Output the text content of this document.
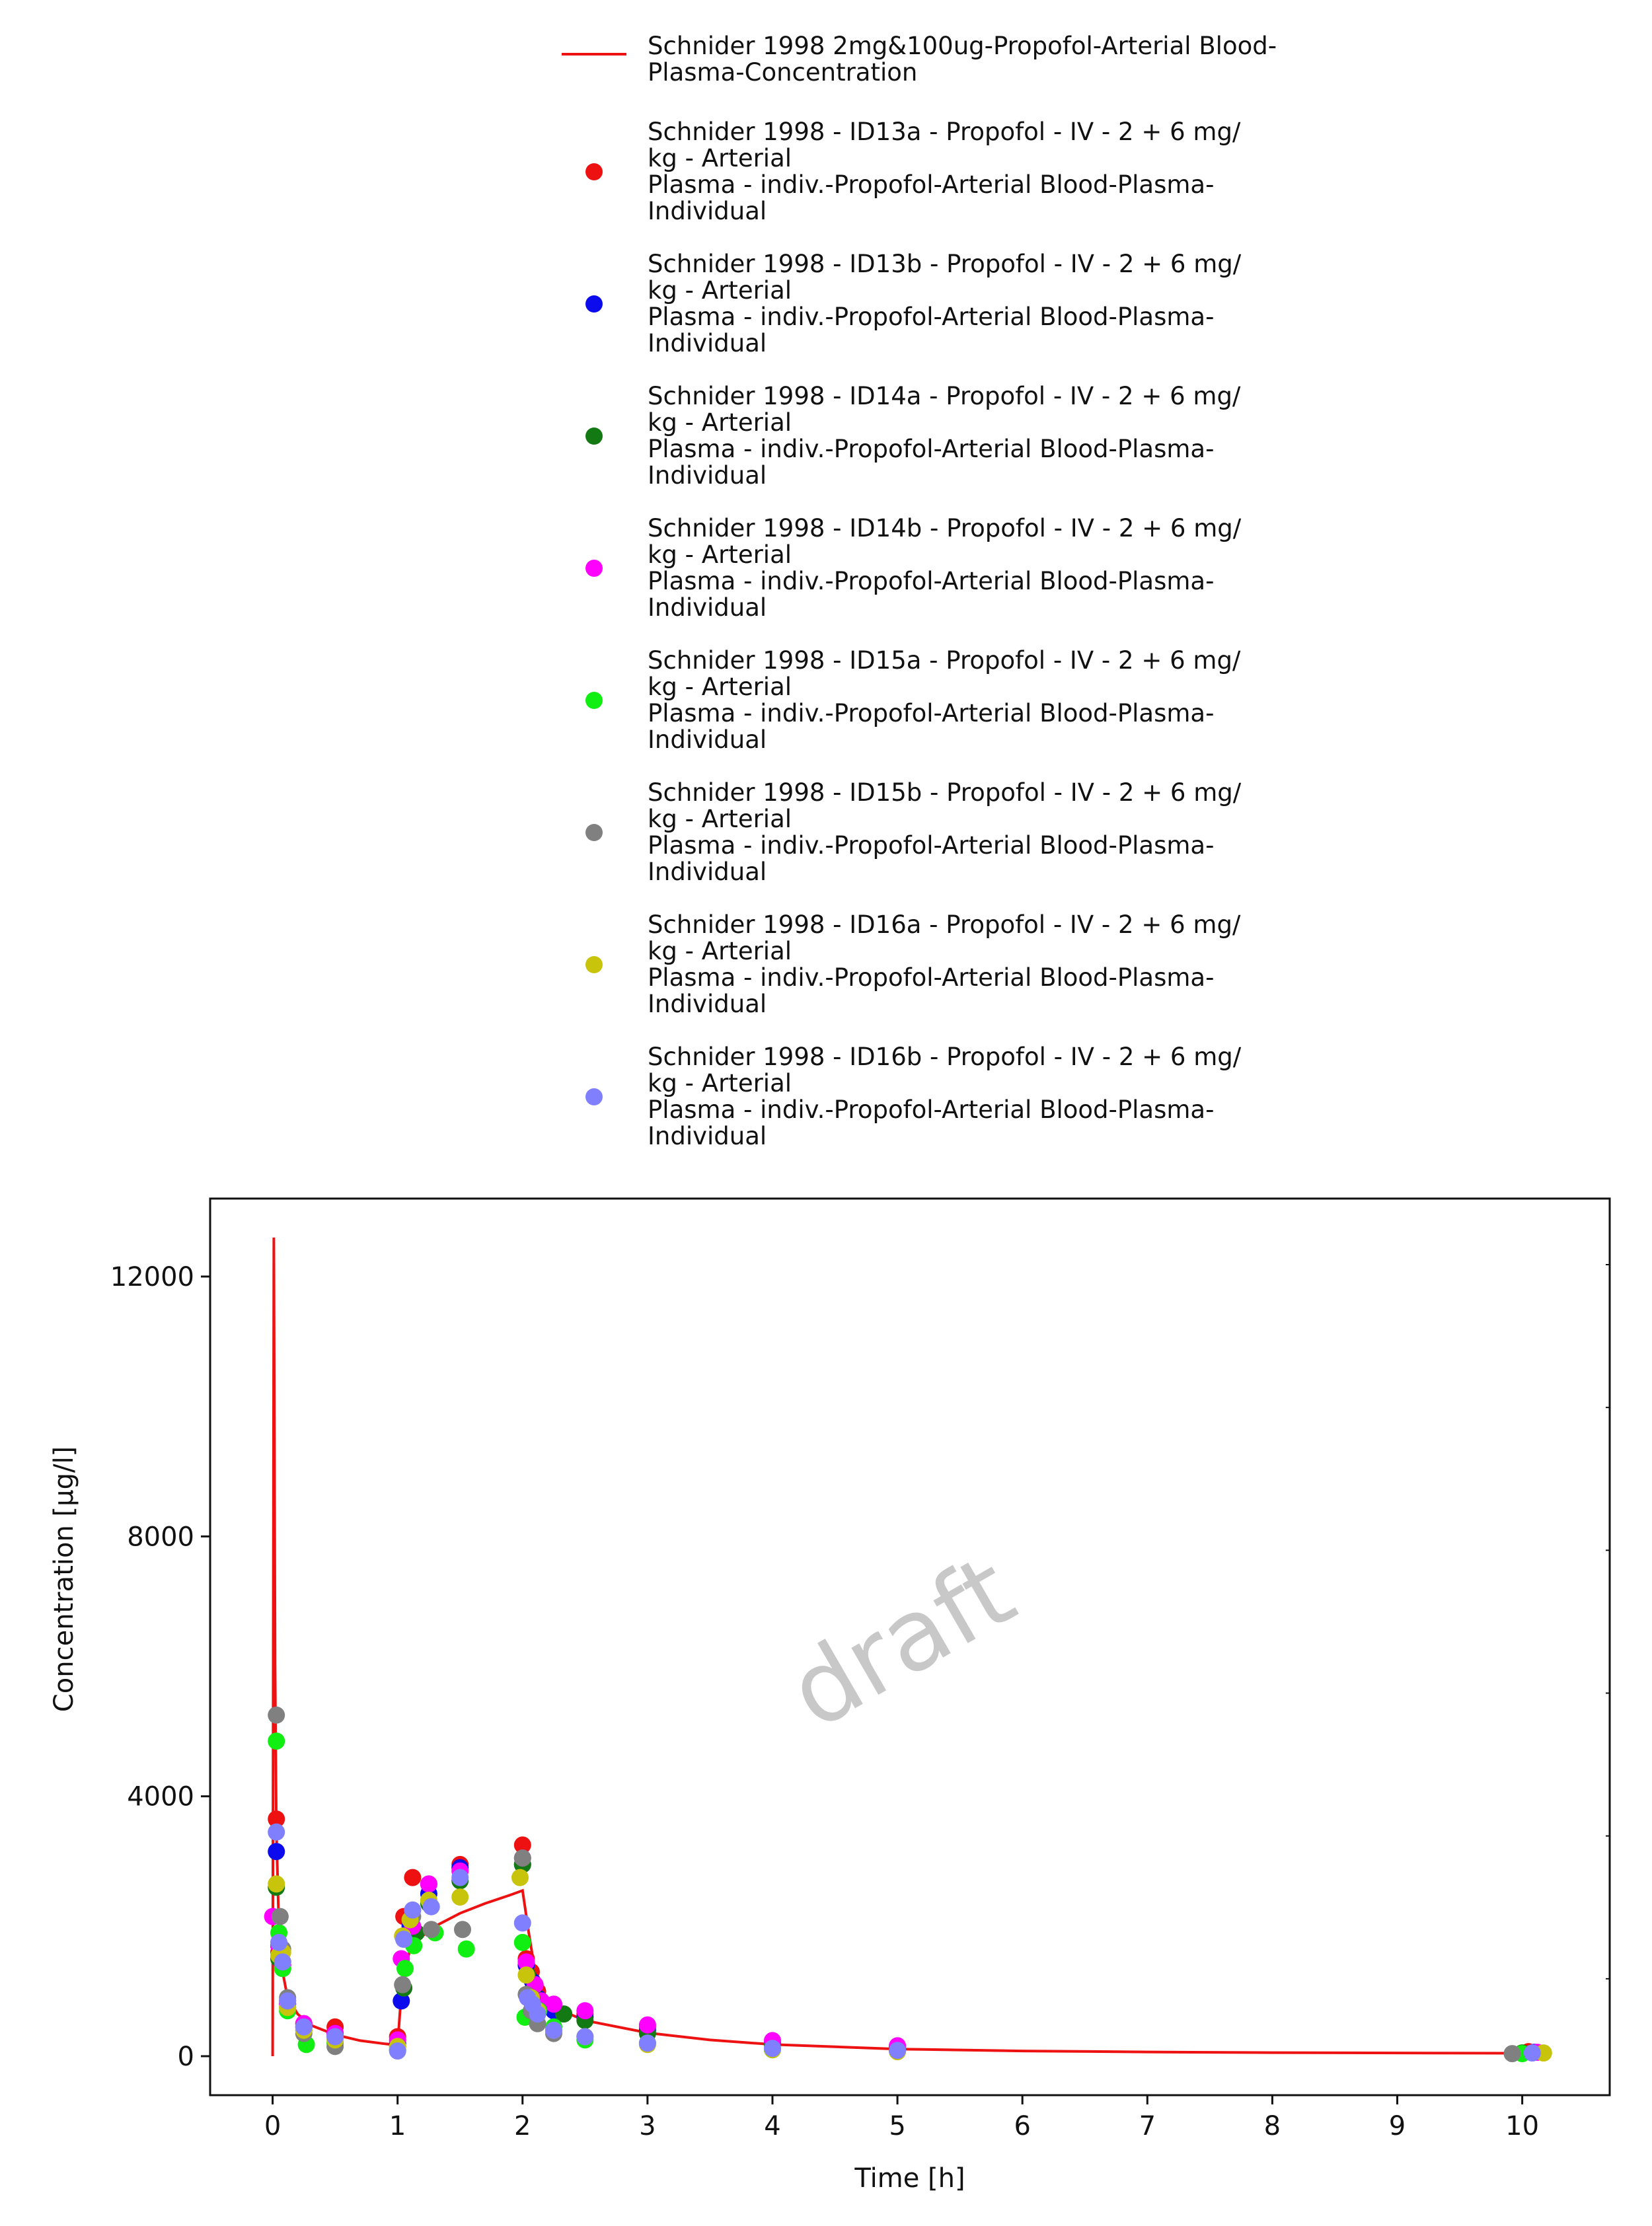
Schnider 1998 2mg&100ug-Propofol-Arterial Blood-
Plasma-Concentration
Schnider 1998 - ID13a - Propofol - IV - 2 + 6 mg/
kg - Arterial
Plasma - indiv.-Propofol-Arterial Blood-Plasma-
Individual
Schnider 1998 - ID13b - Propofol - IV - 2 + 6 mg/
kg - Arterial
Plasma - indiv.-Propofol-Arterial Blood-Plasma-
Individual
Schnider 1998 - ID14a - Propofol - IV - 2 + 6 mg/
kg - Arterial
Plasma - indiv.-Propofol-Arterial Blood-Plasma-
Individual
Schnider 1998 - ID14b - Propofol - IV - 2 + 6 mg/
kg - Arterial
Plasma - indiv.-Propofol-Arterial Blood-Plasma-
Individual
Schnider 1998 - ID15a - Propofol - IV - 2 + 6 mg/
kg - Arterial
Plasma - indiv.-Propofol-Arterial Blood-Plasma-
Individual
Schnider 1998 - ID15b - Propofol - IV - 2 + 6 mg/
kg - Arterial
Plasma - indiv.-Propofol-Arterial Blood-Plasma-
Individual
Schnider 1998 - ID16a - Propofol - IV - 2 + 6 mg/
kg - Arterial
Plasma - indiv.-Propofol-Arterial Blood-Plasma-
Individual
Schnider 1998 - ID16b - Propofol - IV - 2 + 6 mg/
kg - Arterial
Plasma - indiv.-Propofol-Arterial Blood-Plasma-
Individual
0	1	2	3	4	5	6	7	8	9	10
0
4000
8000
12000
draft
Time [h]
Concentration [µg/l]
